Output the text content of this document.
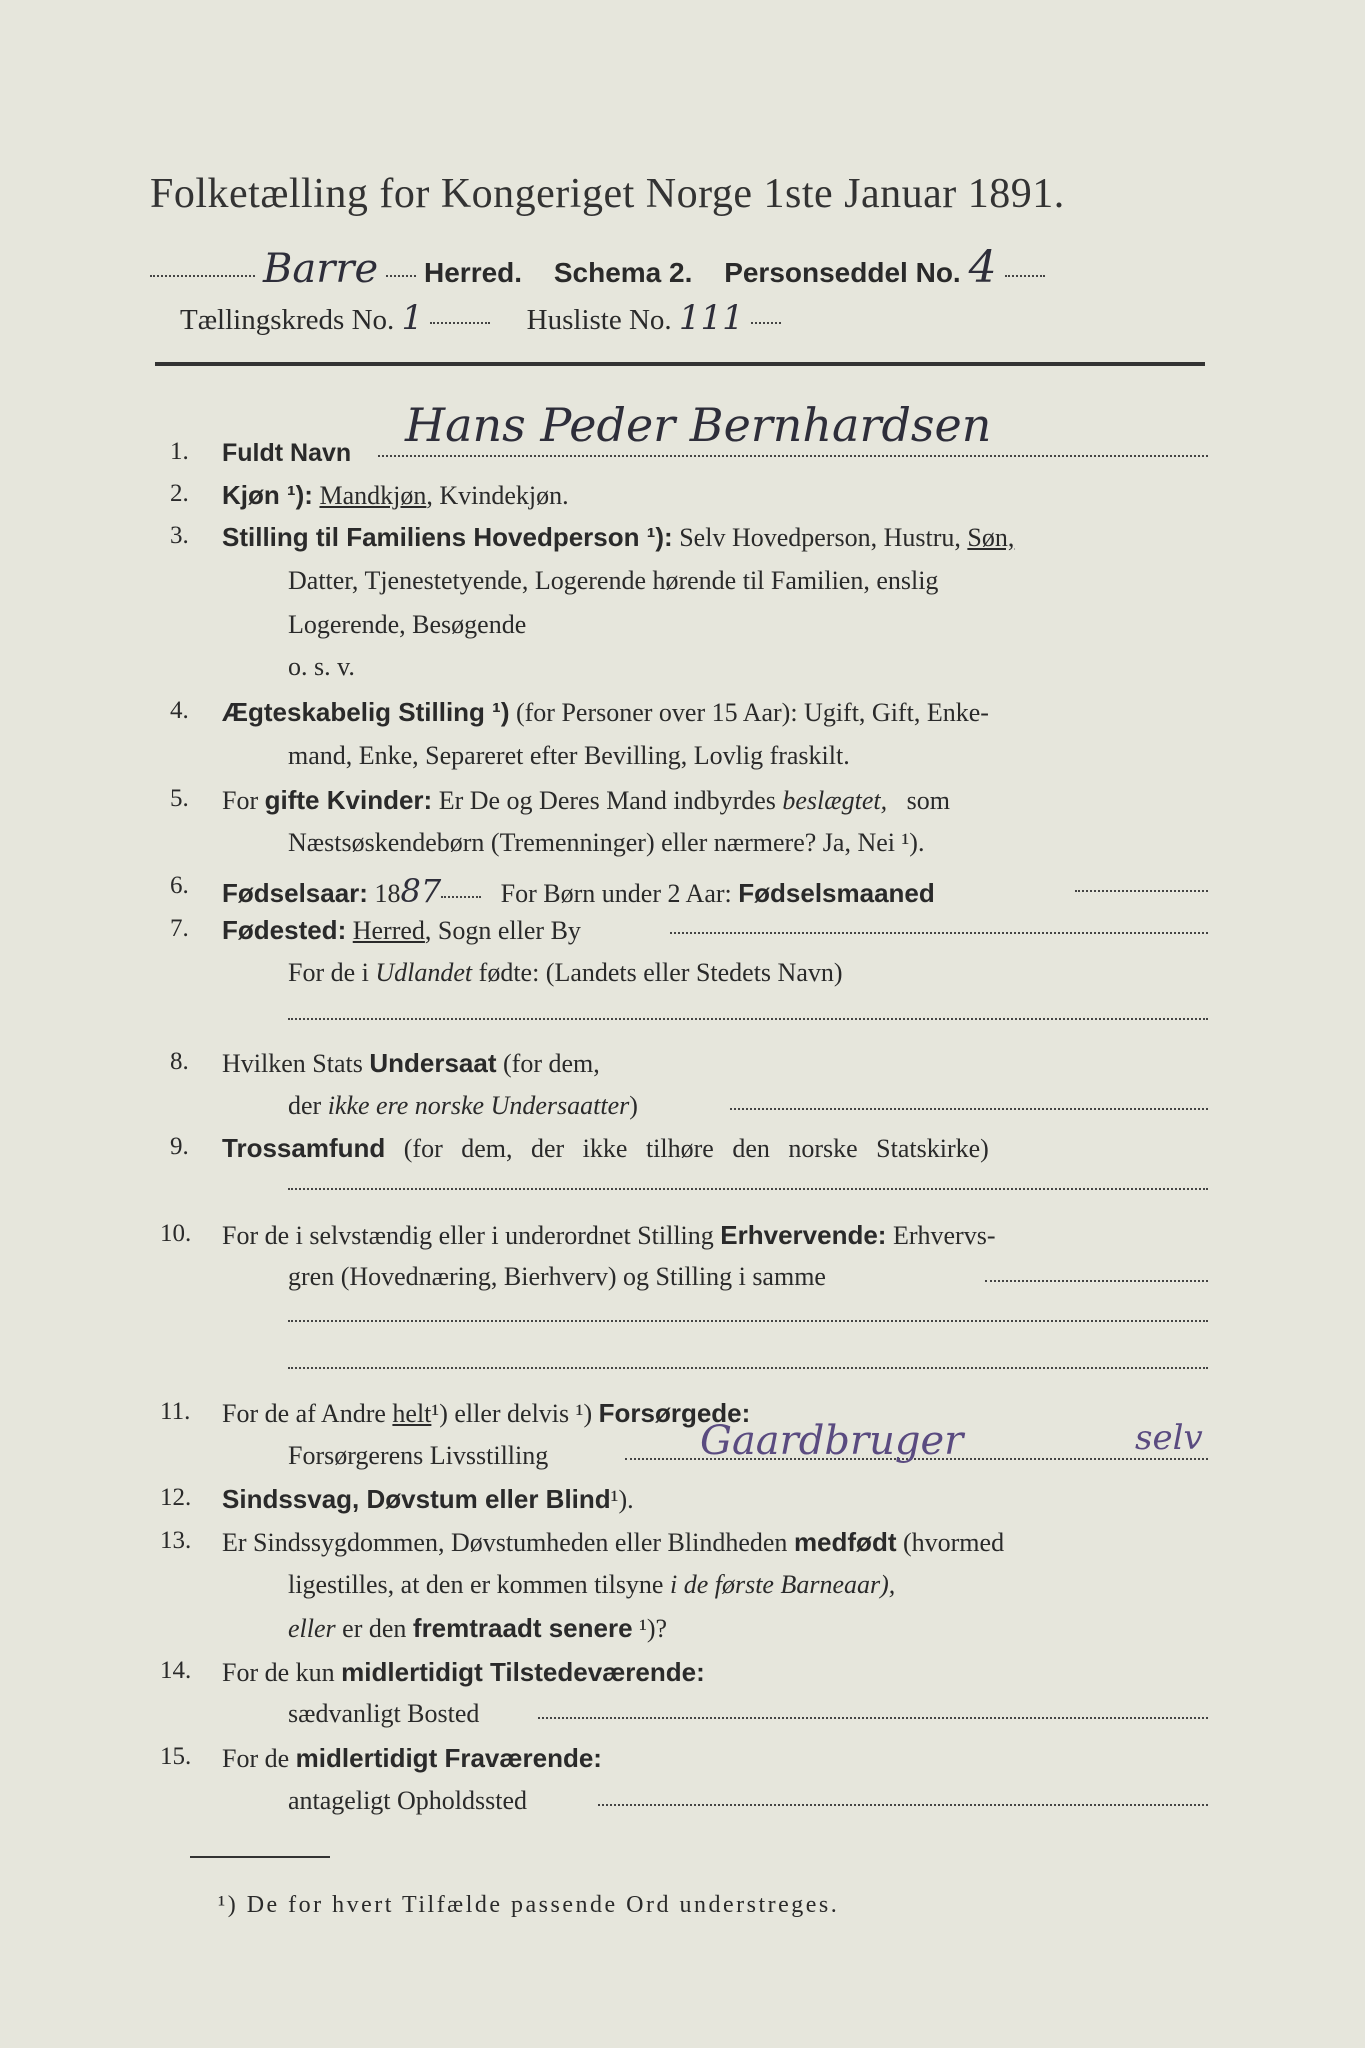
Folketælling for Kongeriget Norge 1ste Januar 1891.
Barre Herred. Schema 2. Personseddel No. 4
Tællingskreds No. 1	Husliste No. 111
1. Fuldt Navn
Hans Peder Bernhardsen
2. Kjøn ¹): Mandkjøn, Kvindekjøn.
3. Stilling til Familiens Hovedperson ¹): Selv Hovedperson, Hustru, Søn,
Datter, Tjenestetyende, Logerende hørende til Familien, enslig
Logerende, Besøgende
o. s. v.
4. Ægteskabelig Stilling ¹) (for Personer over 15 Aar): Ugift, Gift, Enke-
mand, Enke, Separeret efter Bevilling, Lovlig fraskilt.
5. For gifte Kvinder: Er De og Deres Mand indbyrdes beslægtet, som
Næstsøskendebørn (Tremenninger) eller nærmere? Ja, Nei ¹).
6. Fødselsaar: 1887 For Børn under 2 Aar: Fødselsmaaned
7. Fødested: Herred, Sogn eller By
For de i Udlandet fødte: (Landets eller Stedets Navn)
8. Hvilken Stats Undersaat (for dem,
der ikke ere norske Undersaatter)
9. Trossamfund (for dem, der ikke tilhøre den norske Statskirke)
10. For de i selvstændig eller i underordnet Stilling Erhvervende: Erhvervs-
gren (Hovednæring, Bierhverv) og Stilling i samme
11. For de af Andre helt¹) eller delvis ¹) Forsørgede:
Forsørgerens Livsstilling	Gaardbruger	selv
12. Sindssvag, Døvstum eller Blind¹).
13. Er Sindssygdommen, Døvstumheden eller Blindheden medfødt (hvormed
ligestilles, at den er kommen tilsyne i de første Barneaar),
eller er den fremtraadt senere ¹)?
14. For de kun midlertidigt Tilstedeværende:
sædvanligt Bosted
15. For de midlertidigt Fraværende:
antageligt Opholdssted
¹) De for hvert Tilfælde passende Ord understreges.
